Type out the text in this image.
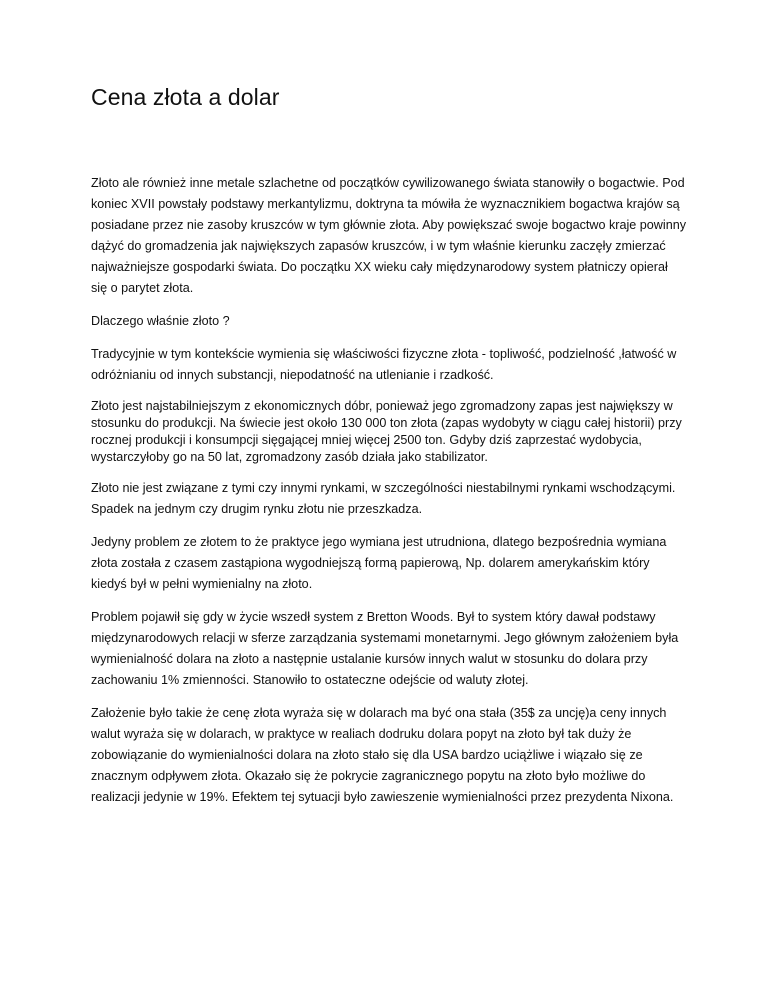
Cena złota a dolar

Złoto ale również inne metale szlachetne od początków cywilizowanego świata stanowiły o bogactwie. Pod koniec XVII powstały podstawy merkantylizmu, doktryna ta mówiła że wyznacznikiem bogactwa krajów są posiadane przez nie zasoby kruszców w tym głównie złota. Aby powiększać swoje bogactwo kraje powinny dążyć do gromadzenia jak największych zapasów kruszców, i w tym właśnie kierunku zaczęły zmierzać najważniejsze gospodarki świata. Do początku XX wieku cały międzynarodowy system płatniczy opierał się o parytet złota.

Dlaczego właśnie złoto ?

Tradycyjnie w tym kontekście wymienia się właściwości fizyczne złota - topliwość, podzielność ,łatwość w odróżnianiu od innych substancji, niepodatność na utlenianie i rzadkość.

Złoto jest najstabilniejszym z ekonomicznych dóbr, ponieważ jego zgromadzony zapas jest największy w stosunku do produkcji. Na świecie jest około 130 000 ton złota (zapas wydobyty w ciągu całej historii) przy rocznej produkcji i konsumpcji sięgającej mniej więcej 2500 ton. Gdyby dziś zaprzestać wydobycia, wystarczyłoby go na 50 lat, zgromadzony zasób działa jako stabilizator.

Złoto nie jest związane z tymi czy innymi rynkami, w szczególności niestabilnymi rynkami wschodzącymi. Spadek na jednym czy drugim rynku złotu nie przeszkadza.

Jedyny problem ze złotem to że praktyce jego wymiana jest utrudniona, dlatego bezpośrednia wymiana złota została z czasem zastąpiona wygodniejszą formą papierową, Np. dolarem amerykańskim który kiedyś był w pełni wymienialny na złoto.

Problem pojawił się gdy w życie wszedł system z Bretton Woods. Był to system który dawał podstawy międzynarodowych relacji w sferze zarządzania systemami monetarnymi. Jego głównym założeniem była wymienialność dolara na złoto a następnie ustalanie kursów innych walut w stosunku do dolara przy zachowaniu 1% zmienności. Stanowiło to ostateczne odejście od waluty złotej.

Założenie było takie że cenę złota wyraża się w dolarach ma być ona stała (35$ za uncję)a ceny innych walut wyraża się w dolarach, w praktyce w realiach dodruku dolara popyt na złoto był tak duży że zobowiązanie do wymienialności dolara na złoto stało się dla USA bardzo uciążliwe i wiązało się ze znacznym odpływem złota. Okazało się że pokrycie zagranicznego popytu na złoto było możliwe do realizacji jedynie w 19%. Efektem tej sytuacji było zawieszenie wymienialności przez prezydenta Nixona.
